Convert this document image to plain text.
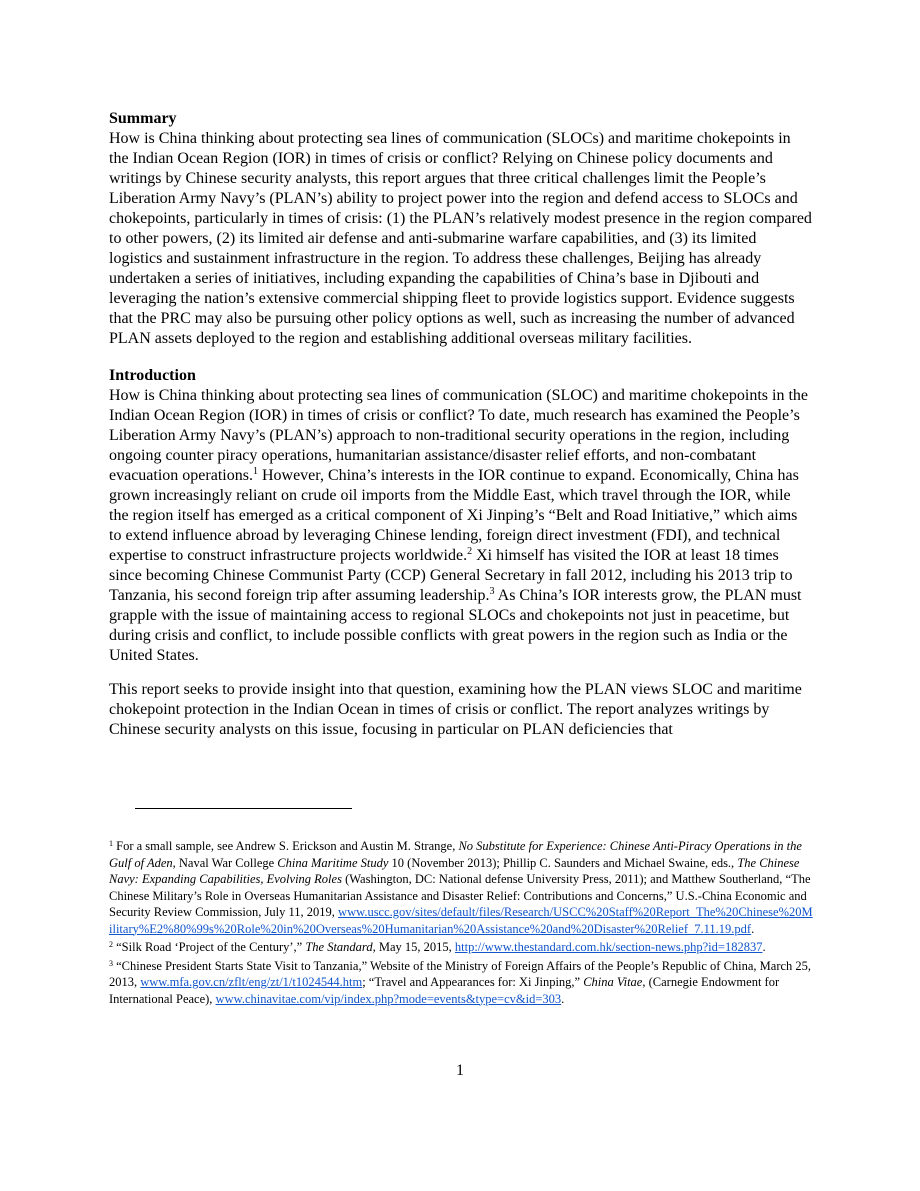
Summary

How is China thinking about protecting sea lines of communication (SLOCs) and maritime chokepoints in the Indian Ocean Region (IOR) in times of crisis or conflict? Relying on Chinese policy documents and writings by Chinese security analysts, this report argues that three critical challenges limit the People’s Liberation Army Navy’s (PLAN’s) ability to project power into the region and defend access to SLOCs and chokepoints, particularly in times of crisis: (1) the PLAN’s relatively modest presence in the region compared to other powers, (2) its limited air defense and anti-submarine warfare capabilities, and (3) its limited logistics and sustainment infrastructure in the region. To address these challenges, Beijing has already undertaken a series of initiatives, including expanding the capabilities of China’s base in Djibouti and leveraging the nation’s extensive commercial shipping fleet to provide logistics support. Evidence suggests that the PRC may also be pursuing other policy options as well, such as increasing the number of advanced PLAN assets deployed to the region and establishing additional overseas military facilities.

Introduction

How is China thinking about protecting sea lines of communication (SLOC) and maritime chokepoints in the Indian Ocean Region (IOR) in times of crisis or conflict? To date, much research has examined the People’s Liberation Army Navy’s (PLAN’s) approach to non-traditional security operations in the region, including ongoing counter piracy operations, humanitarian assistance/disaster relief efforts, and non-combatant evacuation operations.$^1$ However, China’s interests in the IOR continue to expand. Economically, China has grown increasingly reliant on crude oil imports from the Middle East, which travel through the IOR, while the region itself has emerged as a critical component of Xi Jinping’s “Belt and Road Initiative,” which aims to extend influence abroad by leveraging Chinese lending, foreign direct investment (FDI), and technical expertise to construct infrastructure projects worldwide.$^2$ Xi himself has visited the IOR at least 18 times since becoming Chinese Communist Party (CCP) General Secretary in fall 2012, including his 2013 trip to Tanzania, his second foreign trip after assuming leadership.$^3$ As China’s IOR interests grow, the PLAN must grapple with the issue of maintaining access to regional SLOCs and chokepoints not just in peacetime, but during crisis and conflict, to include possible conflicts with great powers in the region such as India or the United States.

This report seeks to provide insight into that question, examining how the PLAN views SLOC and maritime chokepoint protection in the Indian Ocean in times of crisis or conflict. The report analyzes writings by Chinese security analysts on this issue, focusing in particular on PLAN deficiencies that

$^1$ For a small sample, see Andrew S. Erickson and Austin M. Strange, No Substitute for Experience: Chinese Anti-Piracy Operations in the Gulf of Aden, Naval War College China Maritime Study 10 (November 2013); Phillip C. Saunders and Michael Swaine, eds., The Chinese Navy: Expanding Capabilities, Evolving Roles (Washington, DC: National defense University Press, 2011); and Matthew Southerland, “The Chinese Military’s Role in Overseas Humanitarian Assistance and Disaster Relief: Contributions and Concerns,” U.S.-China Economic and Security Review Commission, July 11, 2019, www.uscc.gov/sites/default/files/Research/USCC%20Staff%20Report_The%20Chinese%20Military%E2%80%99s%20Role%20in%20Overseas%20Humanitarian%20Assistance%20and%20Disaster%20Relief_7.11.19.pdf.

$^2$ “Silk Road ‘Project of the Century’,” The Standard, May 15, 2015, http://www.thestandard.com.hk/section-news.php?id=182837.

$^3$ “Chinese President Starts State Visit to Tanzania,” Website of the Ministry of Foreign Affairs of the People’s Republic of China, March 25, 2013, www.mfa.gov.cn/zflt/eng/zt/1/t1024544.htm; “Travel and Appearances for: Xi Jinping,” China Vitae, (Carnegie Endowment for International Peace), www.chinavitae.com/vip/index.php?mode=events&type=cv&id=303.

1
